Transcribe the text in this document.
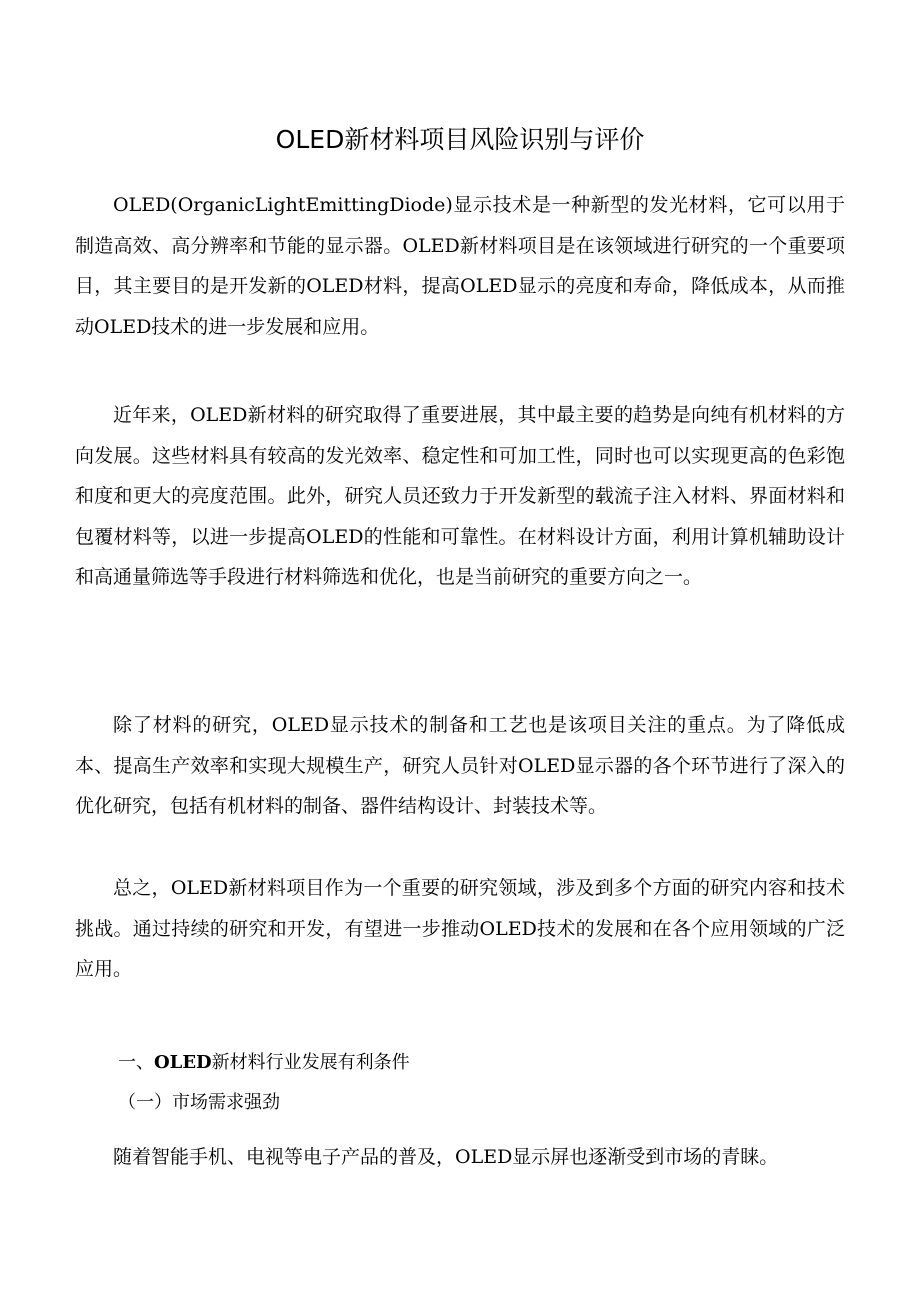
OLED新材料项目风险识别与评价

OLED(OrganicLightEmittingDiode)显示技术是一种新型的发光材料，它可以用于制造高效、高分辨率和节能的显示器。OLED新材料项目是在该领域进行研究的一个重要项目，其主要目的是开发新的OLED材料，提高OLED显示的亮度和寿命，降低成本，从而推动OLED技术的进一步发展和应用。

近年来，OLED新材料的研究取得了重要进展，其中最主要的趋势是向纯有机材料的方向发展。这些材料具有较高的发光效率、稳定性和可加工性，同时也可以实现更高的色彩饱和度和更大的亮度范围。此外，研究人员还致力于开发新型的载流子注入材料、界面材料和包覆材料等，以进一步提高OLED的性能和可靠性。在材料设计方面，利用计算机辅助设计和高通量筛选等手段进行材料筛选和优化，也是当前研究的重要方向之一。

除了材料的研究，OLED显示技术的制备和工艺也是该项目关注的重点。为了降低成本、提高生产效率和实现大规模生产，研究人员针对OLED显示器的各个环节进行了深入的优化研究，包括有机材料的制备、器件结构设计、封装技术等。

总之，OLED新材料项目作为一个重要的研究领域，涉及到多个方面的研究内容和技术挑战。通过持续的研究和开发，有望进一步推动OLED技术的发展和在各个应用领域的广泛应用。

一、OLED新材料行业发展有利条件
（一）市场需求强劲

随着智能手机、电视等电子产品的普及，OLED显示屏也逐渐受到市场的青睐。
